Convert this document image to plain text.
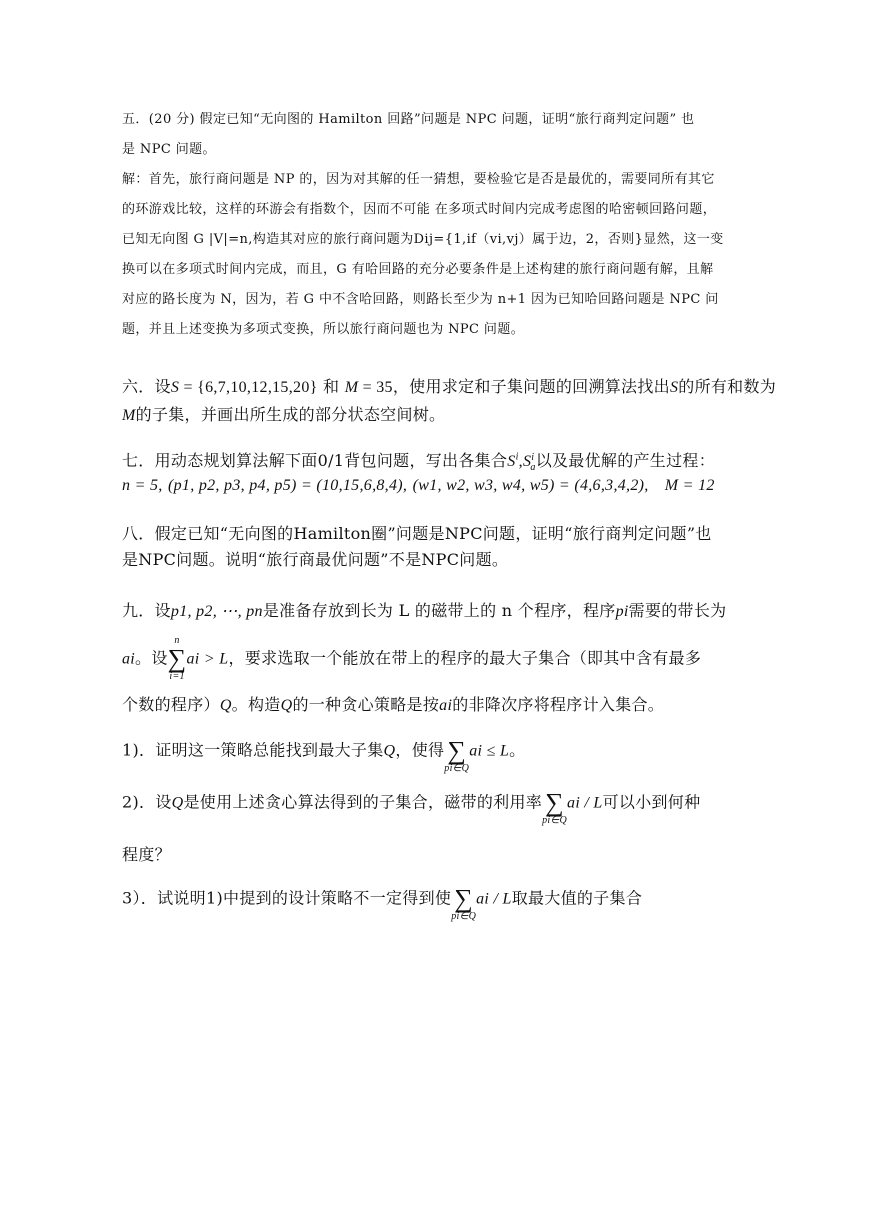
五．(20 分) 假定已知“无向图的 Hamilton 回路”问题是 NPC 问题，证明“旅行商判定问题” 也
是 NPC 问题。
解：首先，旅行商问题是 NP 的，因为对其解的任一猜想，要检验它是否是最优的，需要同所有其它
的环游戏比较，这样的环游会有指数个，因而不可能 在多项式时间内完成考虑图的哈密顿回路问题，
已知无向图 G |V|=n,构造其对应的旅行商问题为Dij={1,if（vi,vj）属于边，2，否则}显然，这一变
换可以在多项式时间内完成，而且，G 有哈回路的充分必要条件是上述构建的旅行商问题有解，且解
对应的路长度为 N，因为，若 G 中不含哈回路，则路长至少为 n+1 因为已知哈回路问题是 NPC 问
题，并且上述变换为多项式变换，所以旅行商问题也为 NPC 问题。
六．设S = {6,7,10,12,15,20} 和 M = 35，使用求定和子集问题的回溯算法找出S的所有和数为
M的子集，并画出所生成的部分状态空间树。
七．用动态规划算法解下面0/1背包问题，写出各集合$S^i,S^i_a$以及最优解的产生过程：
n = 5, (p1, p2, p3, p4, p5) = (10,15,6,8,4), (w1, w2, w3, w4, w5) = (4,6,3,4,2), M = 12
八．假定已知“无向图的Hamilton圈”问题是NPC问题，证明“旅行商判定问题”也
是NPC问题。说明“旅行商最优问题”不是NPC问题。
九．设p1, p2, ⋯, pn是准备存放到长为 L 的磁带上的 n 个程序，程序pi需要的带长为
ai。设
n
∑
i=1
ai > L，要求选取一个能放在带上的程序的最大子集合（即其中含有最多
个数的程序）Q。构造Q的一种贪心策略是按ai的非降次序将程序计入集合。
1)．证明这一策略总能找到最大子集Q，使得
∑
pi∈Q
ai ≤ L。
2)．设Q是使用上述贪心算法得到的子集合，磁带的利用率
∑
pi∈Q
ai / L可以小到何种
程度？
3）．试说明1)中提到的设计策略不一定得到使
∑
pi∈Q
ai / L取最大值的子集合
